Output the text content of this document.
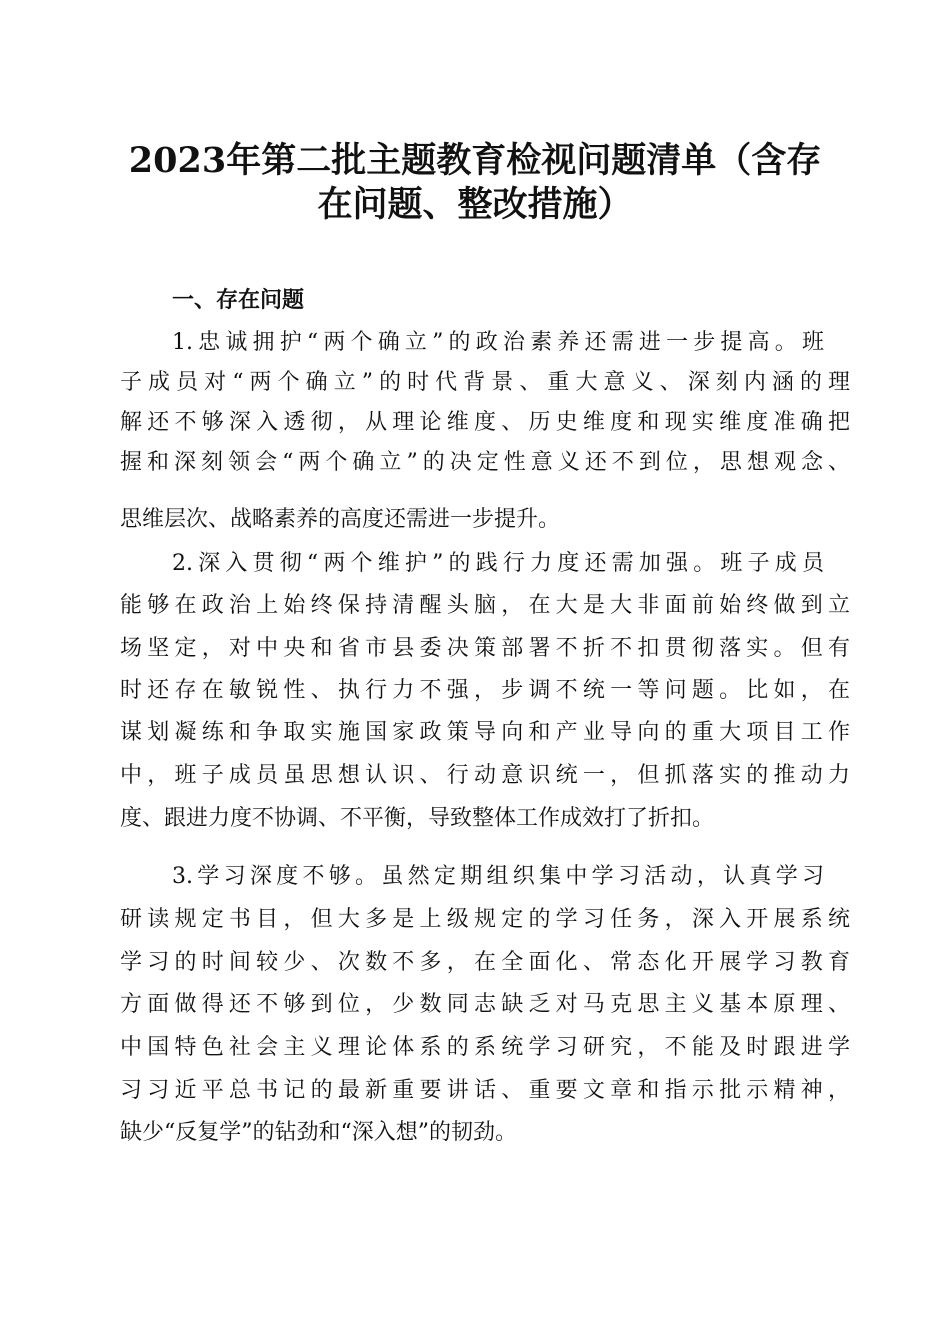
2023年第二批主题教育检视问题清单（含存
在问题、整改措施）
一、存在问题

1.忠诚拥护“两个确立”的政治素养还需进一步提高。班

子成员对“两个确立”的时代背景、重大意义、深刻内涵的理

解还不够深入透彻，从理论维度、历史维度和现实维度准确把

握和深刻领会“两个确立”的决定性意义还不到位，思想观念、

思维层次、战略素养的高度还需进一步提升。

2.深入贯彻“两个维护”的践行力度还需加强。班子成员

能够在政治上始终保持清醒头脑，在大是大非面前始终做到立

场坚定，对中央和省市县委决策部署不折不扣贯彻落实。但有

时还存在敏锐性、执行力不强，步调不统一等问题。比如，在

谋划凝练和争取实施国家政策导向和产业导向的重大项目工作

中，班子成员虽思想认识、行动意识统一，但抓落实的推动力

度、跟进力度不协调、不平衡，导致整体工作成效打了折扣。

3.学习深度不够。虽然定期组织集中学习活动，认真学习

研读规定书目，但大多是上级规定的学习任务，深入开展系统

学习的时间较少、次数不多，在全面化、常态化开展学习教育

方面做得还不够到位，少数同志缺乏对马克思主义基本原理、

中国特色社会主义理论体系的系统学习研究，不能及时跟进学

习习近平总书记的最新重要讲话、重要文章和指示批示精神，

缺少“反复学”的钻劲和“深入想”的韧劲。
